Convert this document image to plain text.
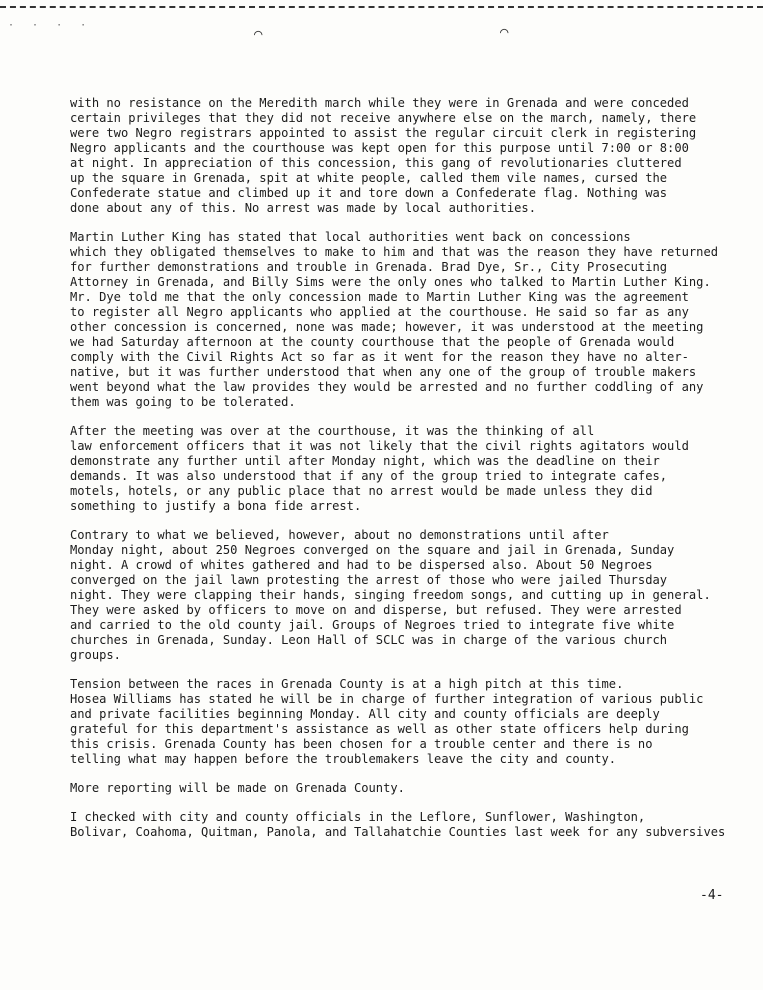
· · · ·
⌒	⌒

with no resistance on the Meredith march while they were in Grenada and were conceded
certain privileges that they did not receive anywhere else on the march, namely, there
were two Negro registrars appointed to assist the regular circuit clerk in registering
Negro applicants and the courthouse was kept open for this purpose until 7:00 or 8:00
at night. In appreciation of this concession, this gang of revolutionaries cluttered
up the square in Grenada, spit at white people, called them vile names, cursed the
Confederate statue and climbed up it and tore down a Confederate flag. Nothing was
done about any of this. No arrest was made by local authorities.

Martin Luther King has stated that local authorities went back on concessions
which they obligated themselves to make to him and that was the reason they have returned
for further demonstrations and trouble in Grenada. Brad Dye, Sr., City Prosecuting
Attorney in Grenada, and Billy Sims were the only ones who talked to Martin Luther King.
Mr. Dye told me that the only concession made to Martin Luther King was the agreement
to register all Negro applicants who applied at the courthouse. He said so far as any
other concession is concerned, none was made; however, it was understood at the meeting
we had Saturday afternoon at the county courthouse that the people of Grenada would
comply with the Civil Rights Act so far as it went for the reason they have no alter-
native, but it was further understood that when any one of the group of trouble makers
went beyond what the law provides they would be arrested and no further coddling of any
them was going to be tolerated.

After the meeting was over at the courthouse, it was the thinking of all
law enforcement officers that it was not likely that the civil rights agitators would
demonstrate any further until after Monday night, which was the deadline on their
demands. It was also understood that if any of the group tried to integrate cafes,
motels, hotels, or any public place that no arrest would be made unless they did
something to justify a bona fide arrest.

Contrary to what we believed, however, about no demonstrations until after
Monday night, about 250 Negroes converged on the square and jail in Grenada, Sunday
night. A crowd of whites gathered and had to be dispersed also. About 50 Negroes
converged on the jail lawn protesting the arrest of those who were jailed Thursday
night. They were clapping their hands, singing freedom songs, and cutting up in general.
They were asked by officers to move on and disperse, but refused. They were arrested
and carried to the old county jail. Groups of Negroes tried to integrate five white
churches in Grenada, Sunday. Leon Hall of SCLC was in charge of the various church
groups.

Tension between the races in Grenada County is at a high pitch at this time.
Hosea Williams has stated he will be in charge of further integration of various public
and private facilities beginning Monday. All city and county officials are deeply
grateful for this department's assistance as well as other state officers help during
this crisis. Grenada County has been chosen for a trouble center and there is no
telling what may happen before the troublemakers leave the city and county.

More reporting will be made on Grenada County.

I checked with city and county officials in the Leflore, Sunflower, Washington,
Bolivar, Coahoma, Quitman, Panola, and Tallahatchie Counties last week for any subversives

-4-
